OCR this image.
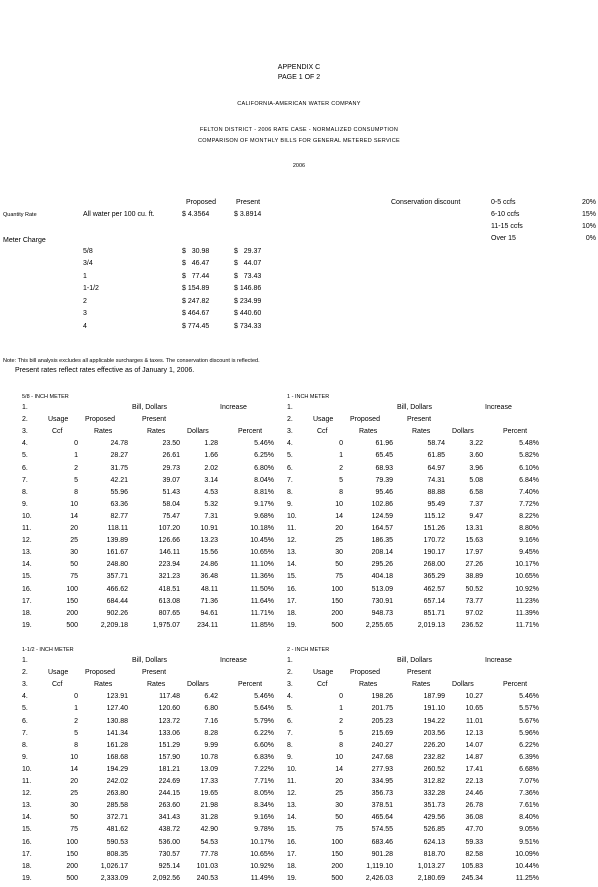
APPENDIX C
PAGE 1 OF 2
CALIFORNIA-AMERICAN WATER COMPANY
FELTON DISTRICT - 2006 RATE CASE - NORMALIZED CONSUMPTION
COMPARISON OF MONTHLY BILLS FOR GENERAL METERED SERVICE
2006
Proposed	Present
Quantity Rate	All water per 100 cu. ft.	$ 4.3564	$ 3.8914
Meter Charge
5/8	$   30.98	$   29.37
3/4	$   46.47	$   44.07
1	$   77.44	$   73.43
1-1/2	$ 154.89	$ 146.86
2	$ 247.82	$ 234.99
3	$ 464.67	$ 440.60
4	$ 774.45	$ 734.33
Conservation discount	0-5 ccfs	20%
6-10 ccfs	15%
11-15 ccfs	10%
Over 15	0%
Note: This bill analysis excludes all applicable surcharges & taxes. The conservation discount is reflected.
Present rates reflect rates effective as of January 1, 2006.
5/8 - INCH METER
1.
2.
3.
Bill, Dollars	Increase
Usage Proposed	Present
Ccf	Rates	Rates	Dollars	Percent
4.	0	24.78	23.50	1.28	5.46%
5.	1	28.27	26.61	1.66	6.25%
6.	2	31.75	29.73	2.02	6.80%
7.	5	42.21	39.07	3.14	8.04%
8.	8	55.96	51.43	4.53	8.81%
9.	10	63.36	58.04	5.32	9.17%
10.	14	82.77	75.47	7.31	9.68%
11.	20	118.11	107.20	10.91	10.18%
12.	25	139.89	126.66	13.23	10.45%
13.	30	161.67	146.11	15.56	10.65%
14.	50	248.80	223.94	24.86	11.10%
15.	75	357.71	321.23	36.48	11.36%
16.	100	466.62	418.51	48.11	11.50%
17.	150	684.44	613.08	71.36	11.64%
18.	200	902.26	807.65	94.61	11.71%
19.	500	2,209.18	1,975.07	234.11	11.85%
1 - INCH METER
1.
2.
3.
Bill, Dollars	Increase
Usage Proposed	Present
Ccf	Rates	Rates	Dollars	Percent
4.	0	61.96	58.74	3.22	5.48%
5.	1	65.45	61.85	3.60	5.82%
6.	2	68.93	64.97	3.96	6.10%
7.	5	79.39	74.31	5.08	6.84%
8.	8	95.46	88.88	6.58	7.40%
9.	10	102.86	95.49	7.37	7.72%
10.	14	124.59	115.12	9.47	8.22%
11.	20	164.57	151.26	13.31	8.80%
12.	25	186.35	170.72	15.63	9.16%
13.	30	208.14	190.17	17.97	9.45%
14.	50	295.26	268.00	27.26	10.17%
15.	75	404.18	365.29	38.89	10.65%
16.	100	513.09	462.57	50.52	10.92%
17.	150	730.91	657.14	73.77	11.23%
18.	200	948.73	851.71	97.02	11.39%
19.	500	2,255.65	2,019.13	236.52	11.71%
1-1/2 - INCH METER
1.
2.
3.
Bill, Dollars	Increase
Usage Proposed	Present
Ccf	Rates	Rates	Dollars	Percent
4.	0	123.91	117.48	6.42	5.46%
5.	1	127.40	120.60	6.80	5.64%
6.	2	130.88	123.72	7.16	5.79%
7.	5	141.34	133.06	8.28	6.22%
8.	8	161.28	151.29	9.99	6.60%
9.	10	168.68	157.90	10.78	6.83%
10.	14	194.29	181.21	13.09	7.22%
11.	20	242.02	224.69	17.33	7.71%
12.	25	263.80	244.15	19.65	8.05%
13.	30	285.58	263.60	21.98	8.34%
14.	50	372.71	341.43	31.28	9.16%
15.	75	481.62	438.72	42.90	9.78%
16.	100	590.53	536.00	54.53	10.17%
17.	150	808.35	730.57	77.78	10.65%
18.	200	1,026.17	925.14	101.03	10.92%
19.	500	2,333.09	2,092.56	240.53	11.49%
2 - INCH METER
1.
2.
3.
Bill, Dollars	Increase
Usage Proposed	Present
Ccf	Rates	Rates	Dollars	Percent
4.	0	198.26	187.99	10.27	5.46%
5.	1	201.75	191.10	10.65	5.57%
6.	2	205.23	194.22	11.01	5.67%
7.	5	215.69	203.56	12.13	5.96%
8.	8	240.27	226.20	14.07	6.22%
9.	10	247.68	232.82	14.87	6.39%
10.	14	277.93	260.52	17.41	6.68%
11.	20	334.95	312.82	22.13	7.07%
12.	25	356.73	332.28	24.46	7.36%
13.	30	378.51	351.73	26.78	7.61%
14.	50	465.64	429.56	36.08	8.40%
15.	75	574.55	526.85	47.70	9.05%
16.	100	683.46	624.13	59.33	9.51%
17.	150	901.28	818.70	82.58	10.09%
18.	200	1,119.10	1,013.27	105.83	10.44%
19.	500	2,426.03	2,180.69	245.34	11.25%
